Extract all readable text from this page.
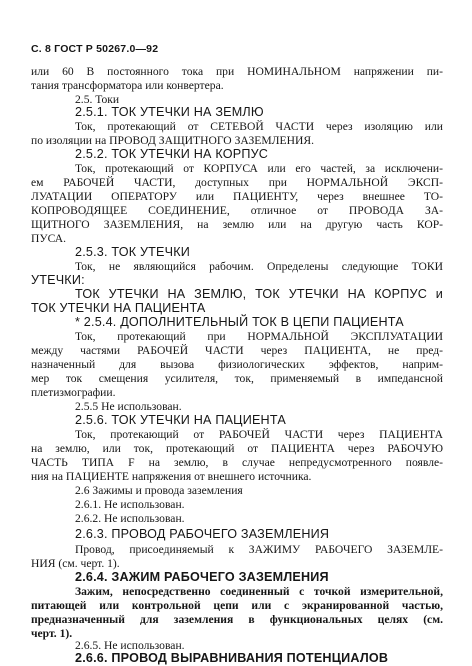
С. 8 ГОСТ Р 50267.0—92
или 60 В постоянного тока при НОМИНАЛЬНОМ напряжении пи-
тания трансформатора или конвертера.
2.5. Токи
2.5.1. ТОК УТЕЧКИ НА ЗЕМЛЮ
Ток, протекающий от СЕТЕВОЙ ЧАСТИ через изоляцию или
по изоляции на ПРОВОД ЗАЩИТНОГО ЗАЗЕМЛЕНИЯ.
2.5.2. ТОК УТЕЧКИ НА КОРПУС
Ток, протекающий от КОРПУСА или его частей, за исключени-
ем РАБОЧЕЙ ЧАСТИ, доступных при НОРМАЛЬНОЙ ЭКСП-
ЛУАТАЦИИ ОПЕРАТОРУ или ПАЦИЕНТУ, через внешнее ТО-
КОПРОВОДЯЩЕЕ СОЕДИНЕНИЕ, отличное от ПРОВОДА ЗА-
ЩИТНОГО ЗАЗЕМЛЕНИЯ, на землю или на другую часть КОР-
ПУСА.
2.5.3. ТОК УТЕЧКИ
Ток, не являющийся рабочим. Определены следующие ТОКИ
УТЕЧКИ:
ТОК УТЕЧКИ НА ЗЕМЛЮ, ТОК УТЕЧКИ НА КОРПУС и
ТОК УТЕЧКИ НА ПАЦИЕНТА
* 2.5.4. ДОПОЛНИТЕЛЬНЫЙ ТОК В ЦЕПИ ПАЦИЕНТА
Ток, протекающий при НОРМАЛЬНОЙ ЭКСПЛУАТАЦИИ
между частями РАБОЧЕЙ ЧАСТИ через ПАЦИЕНТА, не пред-
назначенный для вызова физиологических эффектов, наприм-
мер ток смещения усилителя, ток, применяемый в импедансной
плетизмографии.
2.5.5 Не использован.
2.5.6. ТОК УТЕЧКИ НА ПАЦИЕНТА
Ток, протекающий от РАБОЧЕЙ ЧАСТИ через ПАЦИЕНТА
на землю, или ток, протекающий от ПАЦИЕНТА через РАБОЧУЮ
ЧАСТЬ ТИПА F на землю, в случае непредусмотренного появле-
ния на ПАЦИЕНТЕ напряжения от внешнего источника.
2.6 Зажимы и провода заземления
2.6.1. Не использован.
2.6.2. Не использован.
2.6.3. ПРОВОД РАБОЧЕГО ЗАЗЕМЛЕНИЯ
Провод, присоединяемый к ЗАЖИМУ РАБОЧЕГО ЗАЗЕМЛЕ-
НИЯ (см. черт. 1).
2.6.4. ЗАЖИМ РАБОЧЕГО ЗАЗЕМЛЕНИЯ
Зажим, непосредственно соединенный с точкой измерительной,
питающей или контрольной цепи или с экранированной частью,
предназначенный для заземления в функциональных целях (см.
черт. 1).
2.6.5. Не использован.
2.6.6. ПРОВОД ВЫРАВНИВАНИЯ ПОТЕНЦИАЛОВ
